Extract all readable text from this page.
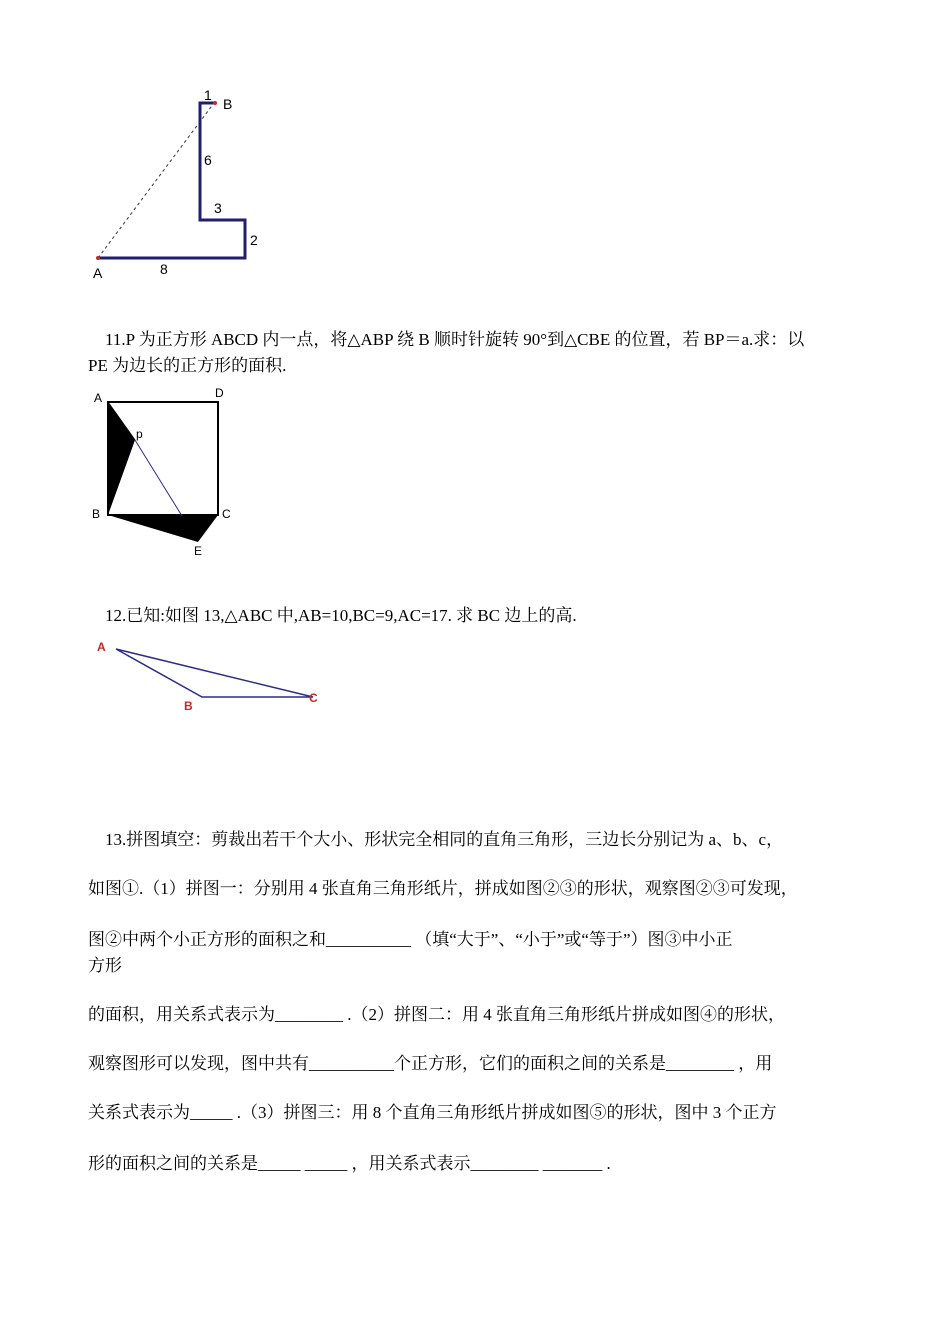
1
B
6
3
2
A	8
11.P 为正方形 ABCD 内一点，将△ABP 绕 B 顺时针旋转 90°到△CBE 的位置，若 BP＝a.求：以
PE 为边长的正方形的面积.
A	D
p
B	C
E
12.已知:如图 13,△ABC 中,AB=10,BC=9,AC=17. 求 BC 边上的高.
A
B
C
13.拼图填空：剪裁出若干个大小、形状完全相同的直角三角形，三边长分别记为 a、b、c，
如图①.（1）拼图一：分别用 4 张直角三角形纸片，拼成如图②③的形状，观察图②③可发现，
图②中两个小正方形的面积之和__________ （填“大于”、“小于”或“等于”）图③中小正
方形
的面积，用关系式表示为________ .（2）拼图二：用 4 张直角三角形纸片拼成如图④的形状，
观察图形可以发现，图中共有__________个正方形，它们的面积之间的关系是________ ，用
关系式表示为_____ .（3）拼图三：用 8 个直角三角形纸片拼成如图⑤的形状，图中 3 个正方
形的面积之间的关系是_____ _____ ，用关系式表示________ _______ .
